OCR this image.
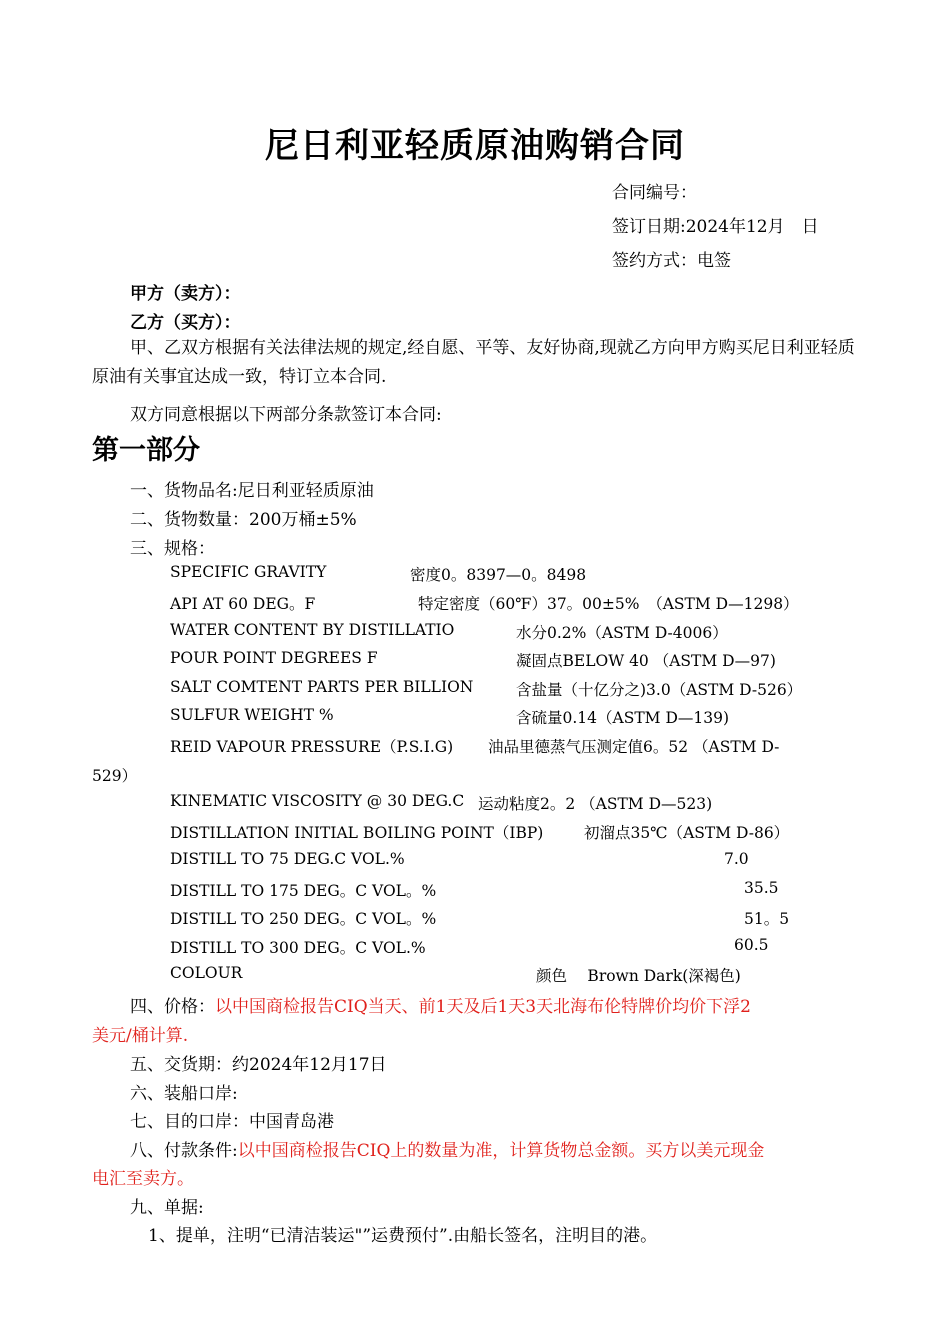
尼日利亚轻质原油购销合同
合同编号：
签订日期:2024年12月　日
签约方式：电签
甲方（卖方）：
乙方（买方）：
甲、乙双方根据有关法律法规的规定,经自愿、平等、友好协商,现就乙方向甲方购买尼日利亚轻质原油有关事宜达成一致，特订立本合同.
双方同意根据以下两部分条款签订本合同:
第一部分
一、货物品名:尼日利亚轻质原油
二、货物数量：200万桶±5%
三、规格：
SPECIFIC GRAVITY	密度0。8397—0。8498
API AT 60 DEG。F	特定密度（60℉）37。00±5%　（ASTM D—1298）
WATER CONTENT BY DISTILLATIO	水分0.2%（ASTM D-4006）
POUR POINT DEGREES F	凝固点BELOW 40 （ASTM D—97)
SALT COMTENT PARTS PER BILLION	含盐量（十亿分之)3.0（ASTM D-526）
SULFUR WEIGHT %	含硫量0.14（ASTM D—139)
REID VAPOUR PRESSURE（P.S.I.G) 油品里德蒸气压测定值6。52 （ASTM D-
529）
KINEMATIC VISCOSITY @ 30 DEG.C 运动粘度2。2 （ASTM D—523)
DISTILLATION INITIAL BOILING POINT（IBP)	初溜点35℃（ASTM D-86）
DISTILL TO 75 DEG.C VOL.%	7.0
DISTILL TO 175 DEG。C VOL。%	35.5
DISTILL TO 250 DEG。C VOL。%	51。5
DISTILL TO 300 DEG。C VOL.%	60.5
COLOUR	颜色　 Brown Dark(深褐色)
四、价格：以中国商检报告CIQ当天、前1天及后1天3天北海布伦特牌价均价下浮2
美元/桶计算.
五、交货期：约2024年12月17日
六、装船口岸:
七、目的口岸：中国青岛港
八、付款条件:以中国商检报告CIQ上的数量为准，计算货物总金额。买方以美元现金
电汇至卖方。
九、单据:
1、提单，注明“已清洁装运"”运费预付”.由船长签名，注明目的港。
